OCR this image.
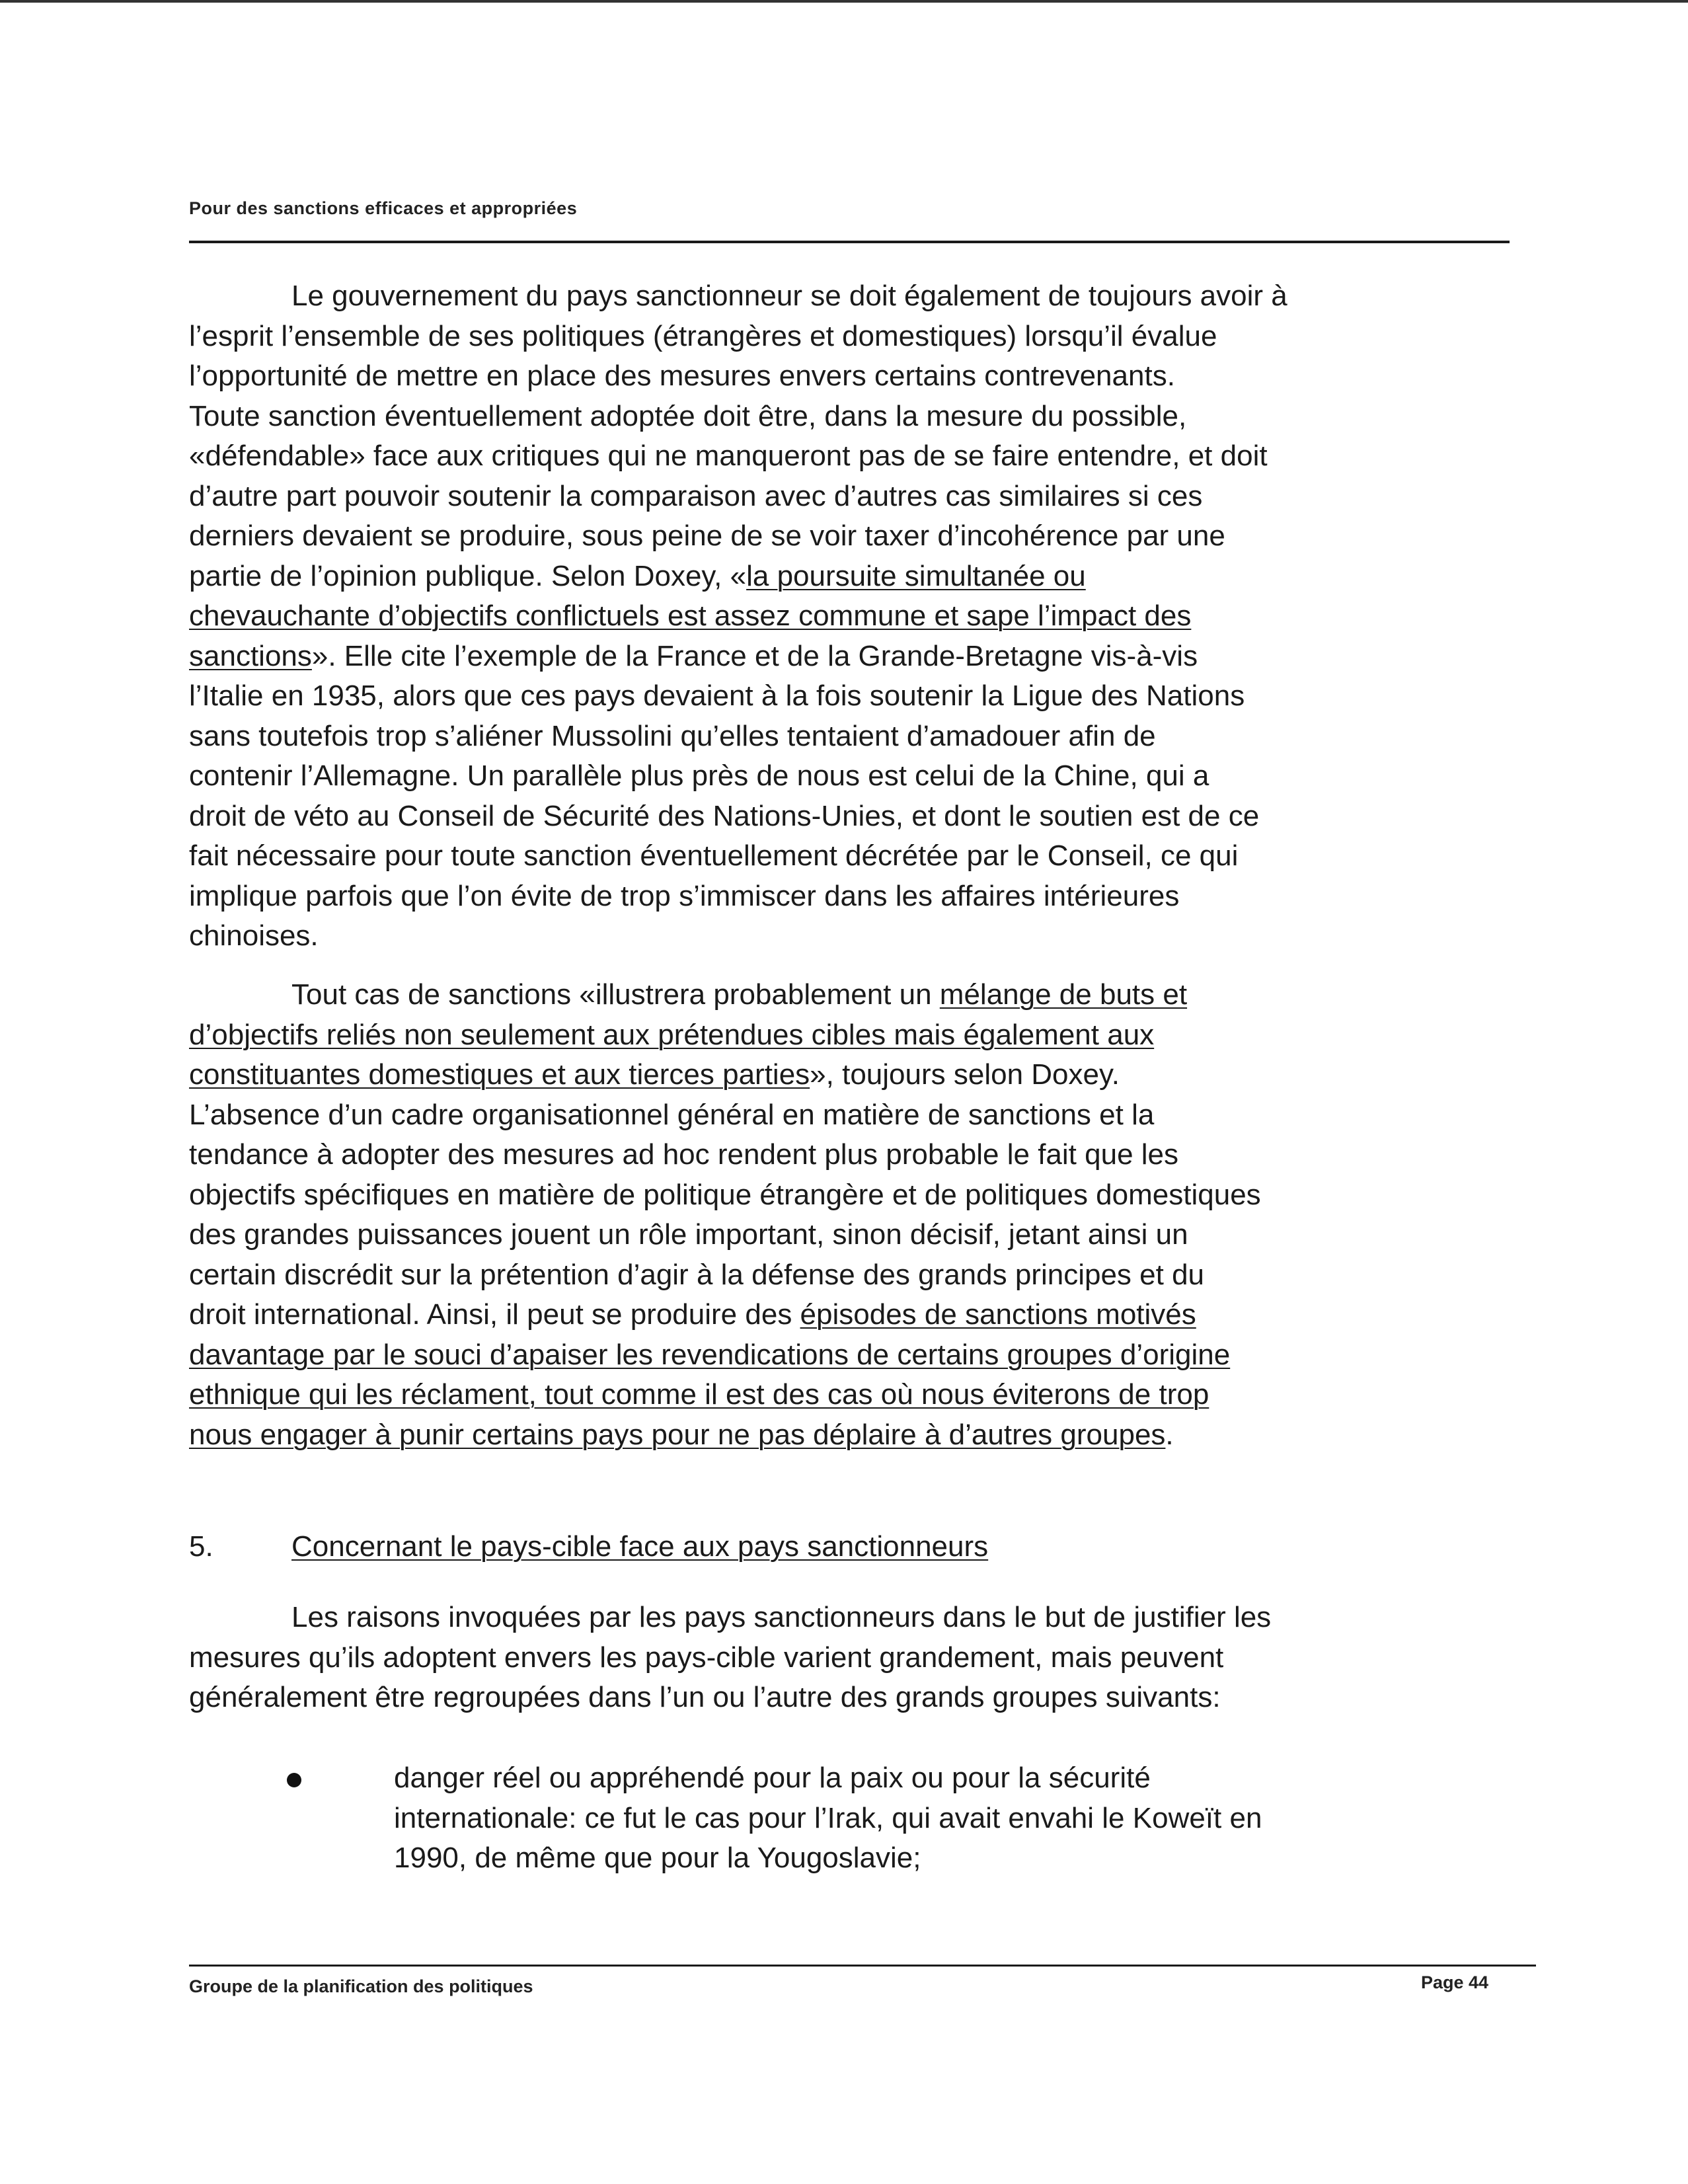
Pour des sanctions efficaces et appropriées
Le gouvernement du pays sanctionneur se doit également de toujours avoir à
l’esprit l’ensemble de ses politiques (étrangères et domestiques) lorsqu’il évalue
l’opportunité de mettre en place des mesures envers certains contrevenants.
Toute sanction éventuellement adoptée doit être, dans la mesure du possible,
«défendable» face aux critiques qui ne manqueront pas de se faire entendre, et doit
d’autre part pouvoir soutenir la comparaison avec d’autres cas similaires si ces
derniers devaient se produire, sous peine de se voir taxer d’incohérence par une
partie de l’opinion publique. Selon Doxey, «la poursuite simultanée ou
chevauchante d’objectifs conflictuels est assez commune et sape l’impact des
sanctions». Elle cite l’exemple de la France et de la Grande-Bretagne vis-à-vis
l’Italie en 1935, alors que ces pays devaient à la fois soutenir la Ligue des Nations
sans toutefois trop s’aliéner Mussolini qu’elles tentaient d’amadouer afin de
contenir l’Allemagne. Un parallèle plus près de nous est celui de la Chine, qui a
droit de véto au Conseil de Sécurité des Nations-Unies, et dont le soutien est de ce
fait nécessaire pour toute sanction éventuellement décrétée par le Conseil, ce qui
implique parfois que l’on évite de trop s’immiscer dans les affaires intérieures
chinoises.
Tout cas de sanctions «illustrera probablement un mélange de buts et
d’objectifs reliés non seulement aux prétendues cibles mais également aux
constituantes domestiques et aux tierces parties», toujours selon Doxey.
L’absence d’un cadre organisationnel général en matière de sanctions et la
tendance à adopter des mesures ad hoc rendent plus probable le fait que les
objectifs spécifiques en matière de politique étrangère et de politiques domestiques
des grandes puissances jouent un rôle important, sinon décisif, jetant ainsi un
certain discrédit sur la prétention d’agir à la défense des grands principes et du
droit international. Ainsi, il peut se produire des épisodes de sanctions motivés
davantage par le souci d’apaiser les revendications de certains groupes d’origine
ethnique qui les réclament, tout comme il est des cas où nous éviterons de trop
nous engager à punir certains pays pour ne pas déplaire à d’autres groupes.
5.	Concernant le pays-cible face aux pays sanctionneurs
Les raisons invoquées par les pays sanctionneurs dans le but de justifier les
mesures qu’ils adoptent envers les pays-cible varient grandement, mais peuvent
généralement être regroupées dans l’un ou l’autre des grands groupes suivants:
danger réel ou appréhendé pour la paix ou pour la sécurité
internationale: ce fut le cas pour l’Irak, qui avait envahi le Koweït en
1990, de même que pour la Yougoslavie;
Groupe de la planification des politiques	Page 44
